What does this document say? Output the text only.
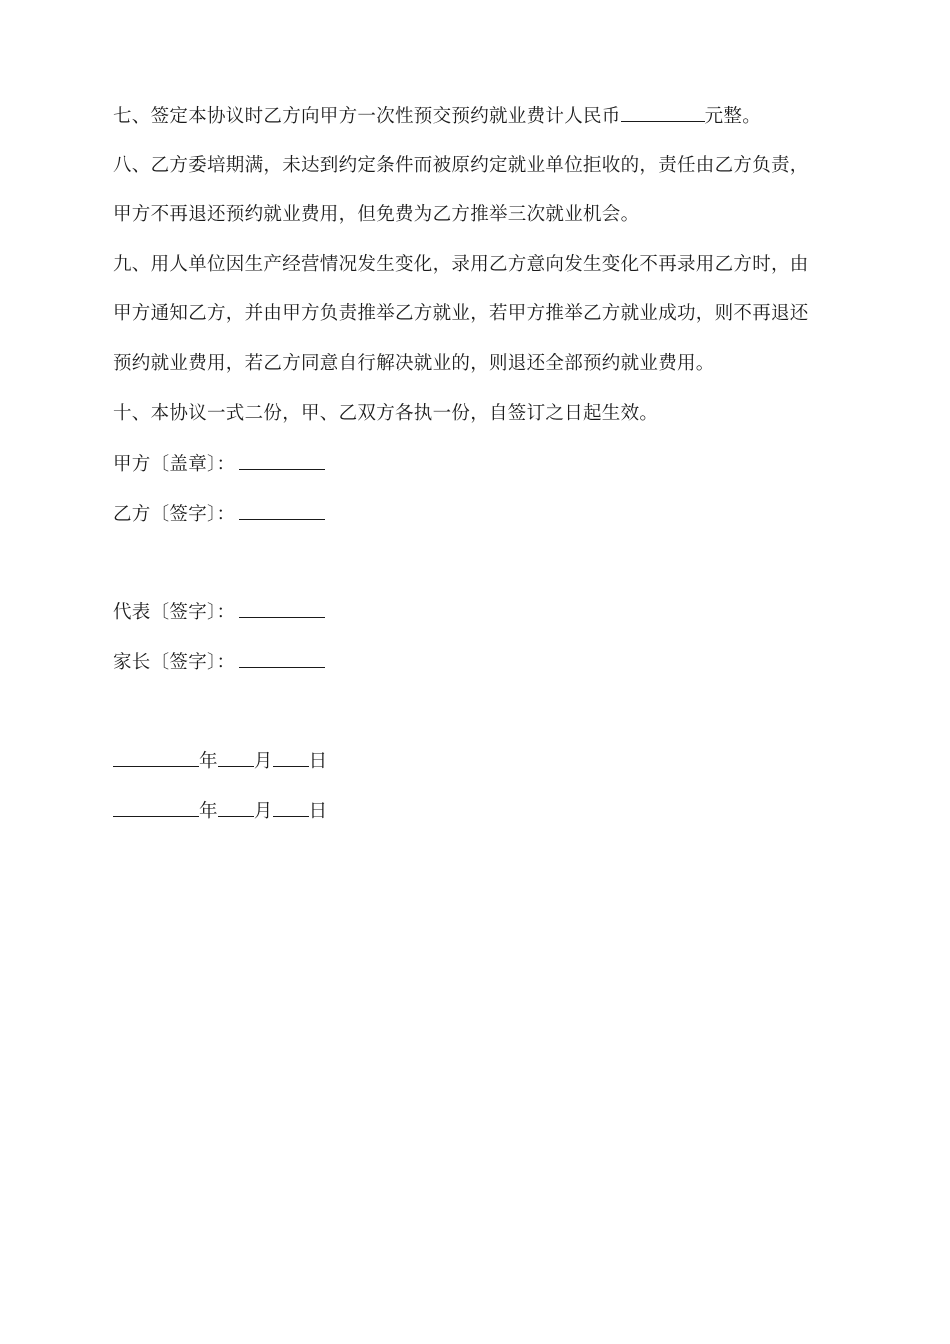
七、签定本协议时乙方向甲方一次性预交预约就业费计人民币	元整。
八、乙方委培期满，未达到约定条件而被原约定就业单位拒收的，责任由乙方负责，
甲方不再退还预约就业费用，但免费为乙方推举三次就业机会。
九、用人单位因生产经营情况发生变化，录用乙方意向发生变化不再录用乙方时，由
甲方通知乙方，并由甲方负责推举乙方就业，若甲方推举乙方就业成功，则不再退还
预约就业费用，若乙方同意自行解决就业的，则退还全部预约就业费用。
十、本协议一式二份，甲、乙双方各执一份，自签订之日起生效。
甲方〔盖章〕：
乙方〔签字〕：
代表〔签字〕：
家长〔签字〕：
年 月 日
年 月 日
